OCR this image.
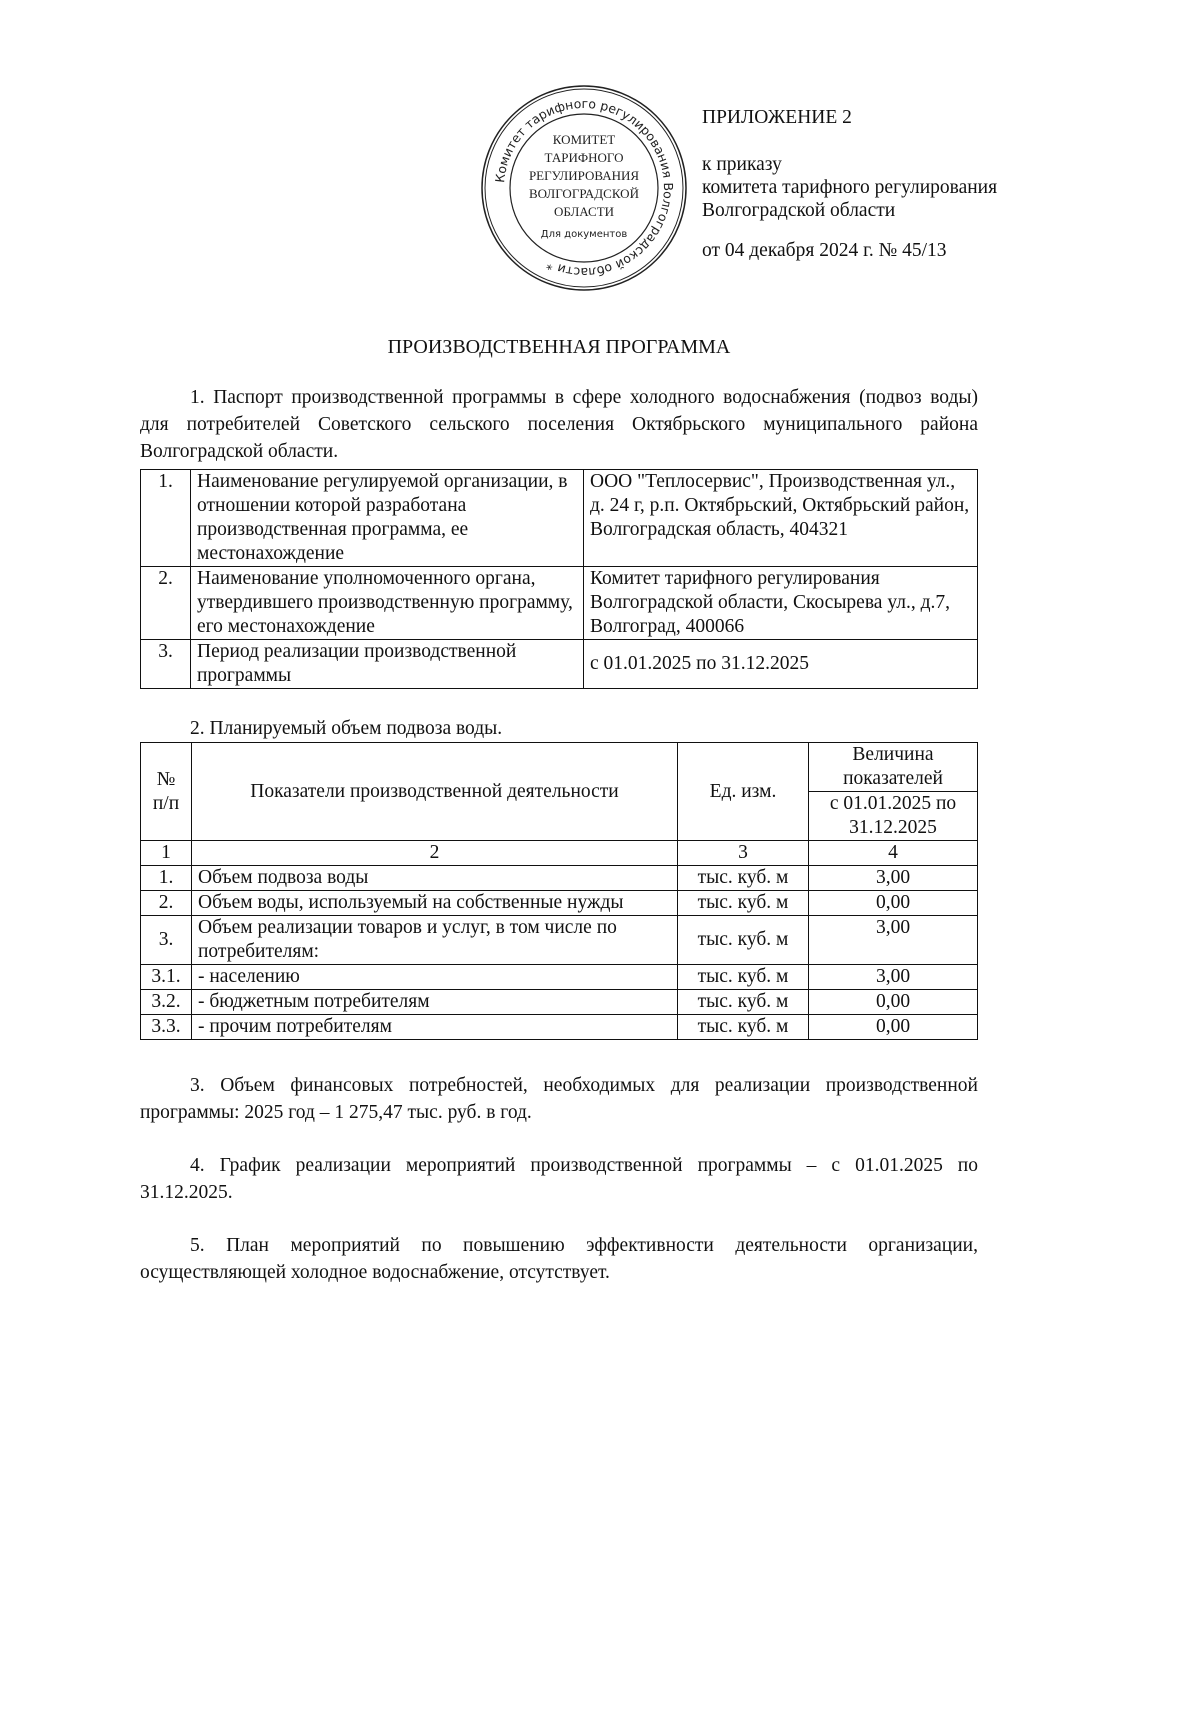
Комитет тарифного регулирования Волгоградской области *
КОМИТЕТ
ТАРИФНОГО
РЕГУЛИРОВАНИЯ
ВОЛГОГРАДСКОЙ
ОБЛАСТИ
Для документов
ПРИЛОЖЕНИЕ 2
к приказу
комитета тарифного регулирования
Волгоградской области
от 04 декабря 2024 г. № 45/13
ПРОИЗВОДСТВЕННАЯ ПРОГРАММА
1. Паспорт производственной программы в сфере холодного водоснабжения (подвоз воды) для потребителей Советского сельского поселения Октябрьского муниципального района Волгоградской области.
1.	Наименование регулируемой организации, в отношении которой разработана производственная программа, ее местонахождение	ООО "Теплосервис", Производственная ул., д. 24 г, р.п. Октябрьский, Октябрьский район, Волгоградская область, 404321
2.	Наименование уполномоченного органа, утвердившего производственную программу, его местонахождение	Комитет тарифного регулирования Волгоградской области, Скосырева ул., д.7, Волгоград, 400066
3.	Период реализации производственной программы	с 01.01.2025 по 31.12.2025
2. Планируемый объем подвоза воды.
№ п/п	Показатели производственной деятельности	Ед. изм.	Величина показателей
			с 01.01.2025 по 31.12.2025
1	2	3	4
1.	Объем подвоза воды	тыс. куб. м	3,00
2.	Объем воды, используемый на собственные нужды	тыс. куб. м	0,00
3.	Объем реализации товаров и услуг, в том числе по потребителям:	тыс. куб. м	3,00
3.1.	- населению	тыс. куб. м	3,00
3.2.	- бюджетным потребителям	тыс. куб. м	0,00
3.3.	- прочим потребителям	тыс. куб. м	0,00
3. Объем финансовых потребностей, необходимых для реализации производственной программы: 2025 год – 1 275,47 тыс. руб. в год.
4. График реализации мероприятий производственной программы – с 01.01.2025 по 31.12.2025.
5. План мероприятий по повышению эффективности деятельности организации, осуществляющей холодное водоснабжение, отсутствует.
